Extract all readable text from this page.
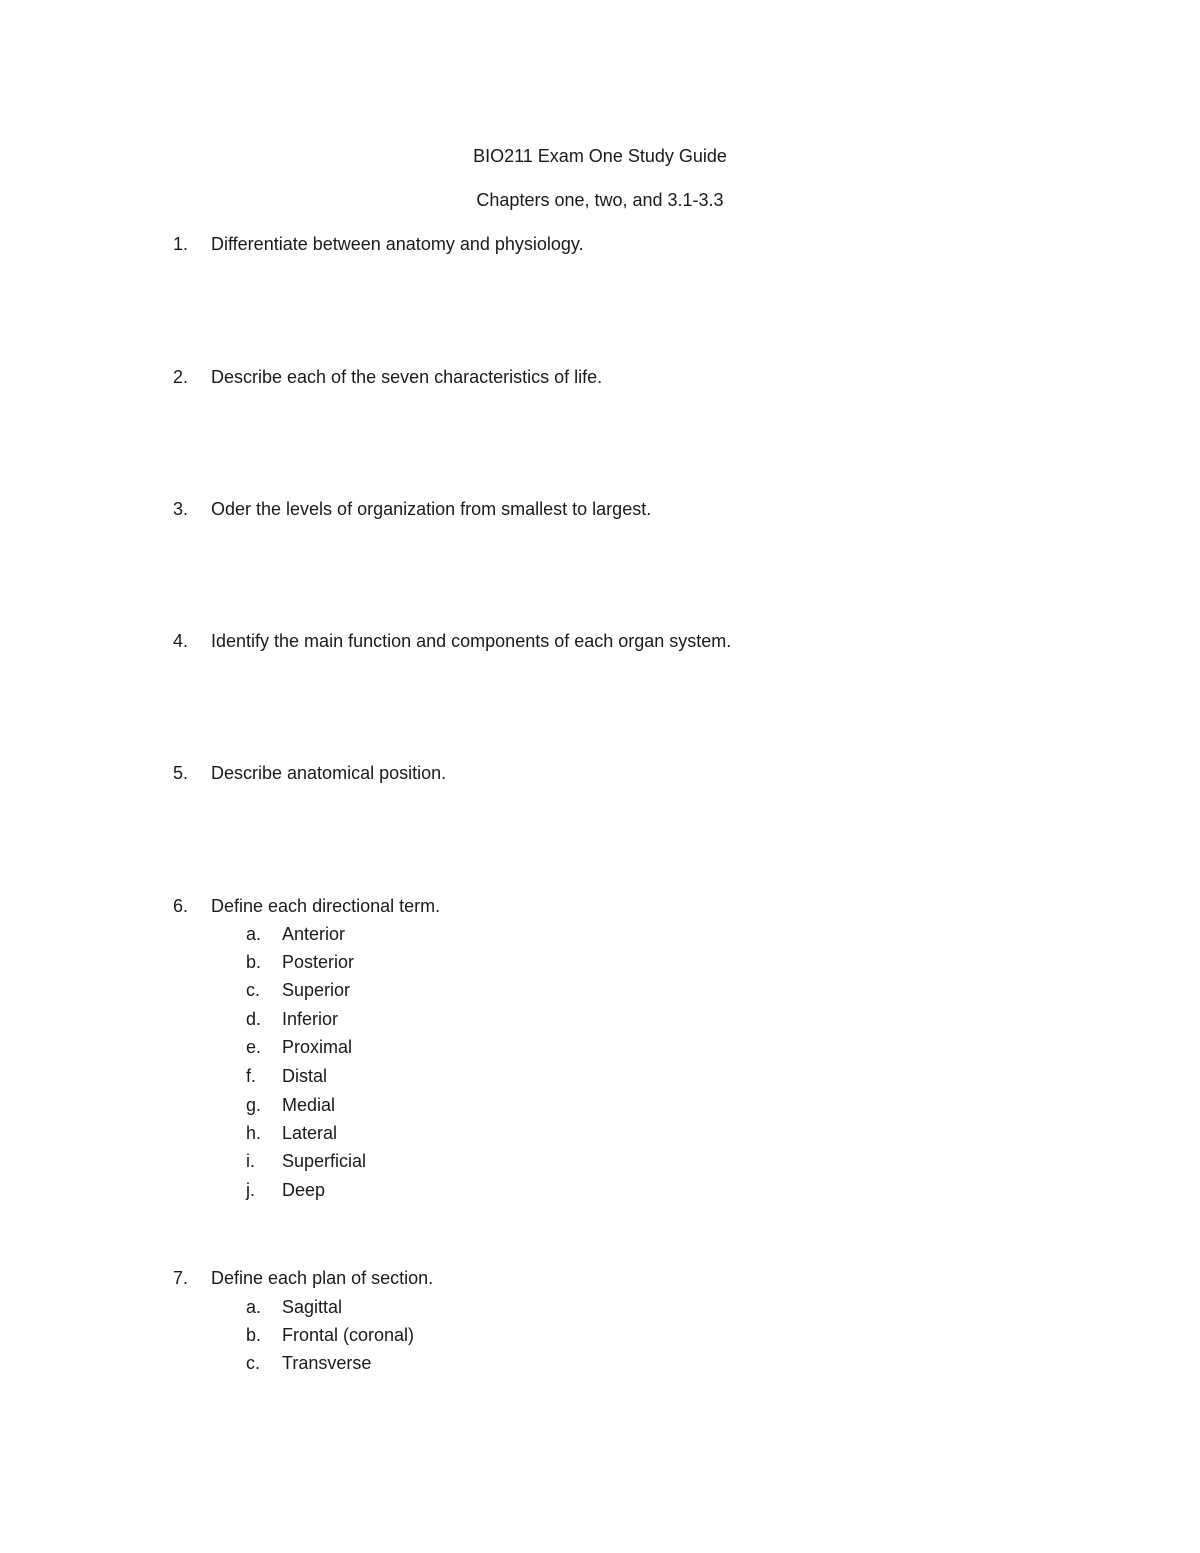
BIO211 Exam One Study Guide
Chapters one, two, and 3.1-3.3
1. Differentiate between anatomy and physiology.
2. Describe each of the seven characteristics of life.
3. Oder the levels of organization from smallest to largest.
4. Identify the main function and components of each organ system.
5. Describe anatomical position.
6. Define each directional term.
a. Anterior
b. Posterior
c. Superior
d. Inferior
e. Proximal
f. Distal
g. Medial
h. Lateral
i. Superficial
j. Deep
7. Define each plan of section.
a. Sagittal
b. Frontal (coronal)
c. Transverse
